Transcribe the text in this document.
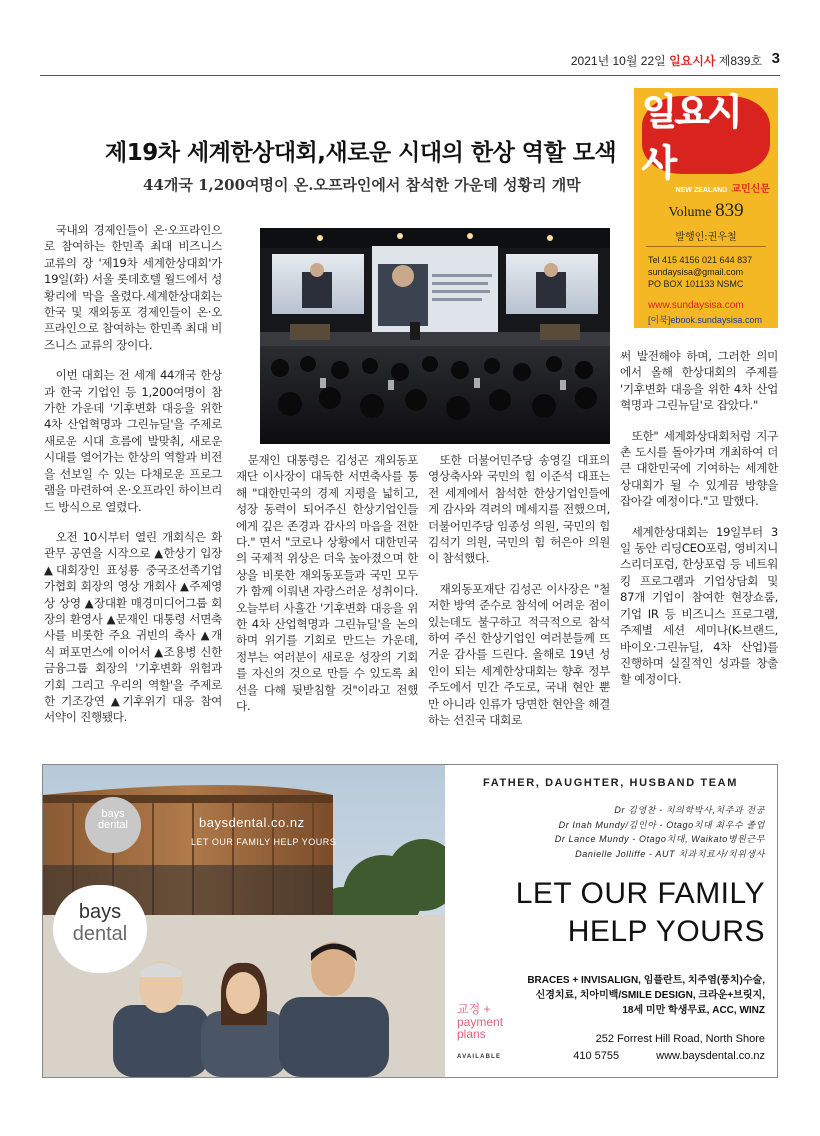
2021년 10월 22일 일요시사 제839호 3
제19차 세계한상대회,새로운 시대의 한상 역할 모색
44개국 1,200여명이 온.오프라인에서 참석한 가운데 성황리 개막
일요시사
NEW ZEALAND 교민신문
Volume 839
발행인:권우철
Tel 415 4156 021 644 837
sundaysisa@gmail.com
PO BOX 101133 NSMC
www.sundaysisa.com
[이북]ebook.sundaysisa.com

국내외 경제인들이 온·오프라인으로 참여하는 한민족 최대 비즈니스 교류의 장 '제19차 세계한상대회'가 19일(화) 서울 롯데호텔 월드에서 성황리에 막을 올렸다.세계한상대회는 한국 및 재외동포 경제인들이 온·오프라인으로 참여하는 한민족 최대 비즈니스 교류의 장이다.

이번 대회는 전 세계 44개국 한상과 한국 기업인 등 1,200여명이 참가한 가운데 '기후변화 대응을 위한 4차 산업혁명과 그린뉴딜'을 주제로 새로운 시대 흐름에 발맞춰, 새로운 시대를 열어가는 한상의 역할과 비전을 선보일 수 있는 다채로운 프로그램을 마련하여 온·오프라인 하이브리드 방식으로 열렸다.

오전 10시부터 열린 개회식은 화관무 공연을 시작으로 ▲한상기 입장 ▲대회장인 표성룡 중국조선족기업가협회 회장의 영상 개회사 ▲주제영상 상영 ▲장대환 매경미디어그룹 회장의 환영사 ▲문재인 대통령 서면축사를 비롯한 주요 귀빈의 축사 ▲개식 퍼포먼스에 이어서 ▲조용병 신한금융그룹 회장의 '기후변화 위험과 기회 그리고 우리의 역할'을 주제로 한 기조강연 ▲기후위기 대응 참여 서약이 진행됐다.

문재인 대통령은 김성곤 재외동포재단 이사장이 대독한 서면축사를 통해 "대한민국의 경제 지평을 넓히고, 성장 동력이 되어주신 한상기업인들에게 깊은 존경과 감사의 마음을 전한다." 면서 "코로나 상황에서 대한민국의 국제적 위상은 더욱 높아졌으며 한상을 비롯한 재외동포들과 국민 모두가 함께 이뤄낸 자랑스러운 성취이다. 오늘부터 사흘간 '기후변화 대응을 위한 4차 산업혁명과 그린뉴딜'을 논의하며 위기를 기회로 만드는 가운데, 정부는 여러분이 새로운 성장의 기회를 자신의 것으로 만들 수 있도록 최선을 다해 뒷받침할 것"이라고 전했다.

또한 더불어민주당 송영길 대표의 영상축사와 국민의 힘 이준석 대표는 전 세계에서 참석한 한상기업인들에게 감사와 격려의 메세지를 전했으며, 더불어민주당 임종성 의원, 국민의 힘 김석기 의원, 국민의 힘 허은아 의원이 참석했다.

재외동포재단 김성곤 이사장은 "철저한 방역 준수로 참석에 어려운 점이 있는데도 불구하고 적극적으로 참석하여 주신 한상기업인 여러분들께 뜨거운 감사를 드린다. 올해로 19년 성인이 되는 세계한상대회는 향후 정부 주도에서 민간 주도로, 국내 현안 뿐만 아니라 인류가 당면한 현안을 해결하는 선진국 대회로

써 발전해야 하며, 그러한 의미에서 올해 한상대회의 주제를 '기후변화 대응을 위한 4차 산업혁명과 그린뉴딜'로 잡았다."

또한" 세계화상대회처럼 지구촌 도시를 돌아가며 개최하여 더 큰 대한민국에 기여하는 세계한상대회가 될 수 있게끔 방향을 잡아갈 예정이다."고 말했다.

세계한상대회는 19일부터 3일 동안 리딩CEO포럼, 영비지니스리더포럼, 한상포럼 등 네트워킹 프로그램과 기업상담회 및 87개 기업이 참여한 현장쇼룸, 기업 IR 등 비즈니스 프로그램, 주제별 세션 세미나(K-브랜드, 바이오·그린뉴딜, 4차 산업)를 진행하며 실질적인 성과를 창출할 예정이다.

bays dental	baysdental.co.nz
LET OUR FAMILY HELP YOURS
bays
dental
FATHER, DAUGHTER, HUSBAND TEAM
Dr 김영찬 - 치의학박사,치주과 전공
Dr Inah Mundy/김인아 - Otago치대 최우수 졸업
Dr Lance Mundy - Otago치대, Waikato병원근무
Danielle Jolliffe - AUT 치과치료사/치위생사
LET OUR FAMILY
HELP YOURS
BRACES + INVISALIGN, 임플란트, 치주염(풍치)수술,
신경치료, 치아미백/SMILE DESIGN, 크라운+브릿지,
18세 미만 학생무료, ACC, WINZ
교정 +
payment
plans
AVAILABLE
252 Forrest Hill Road, North Shore
410 5755	www.baysdental.co.nz
